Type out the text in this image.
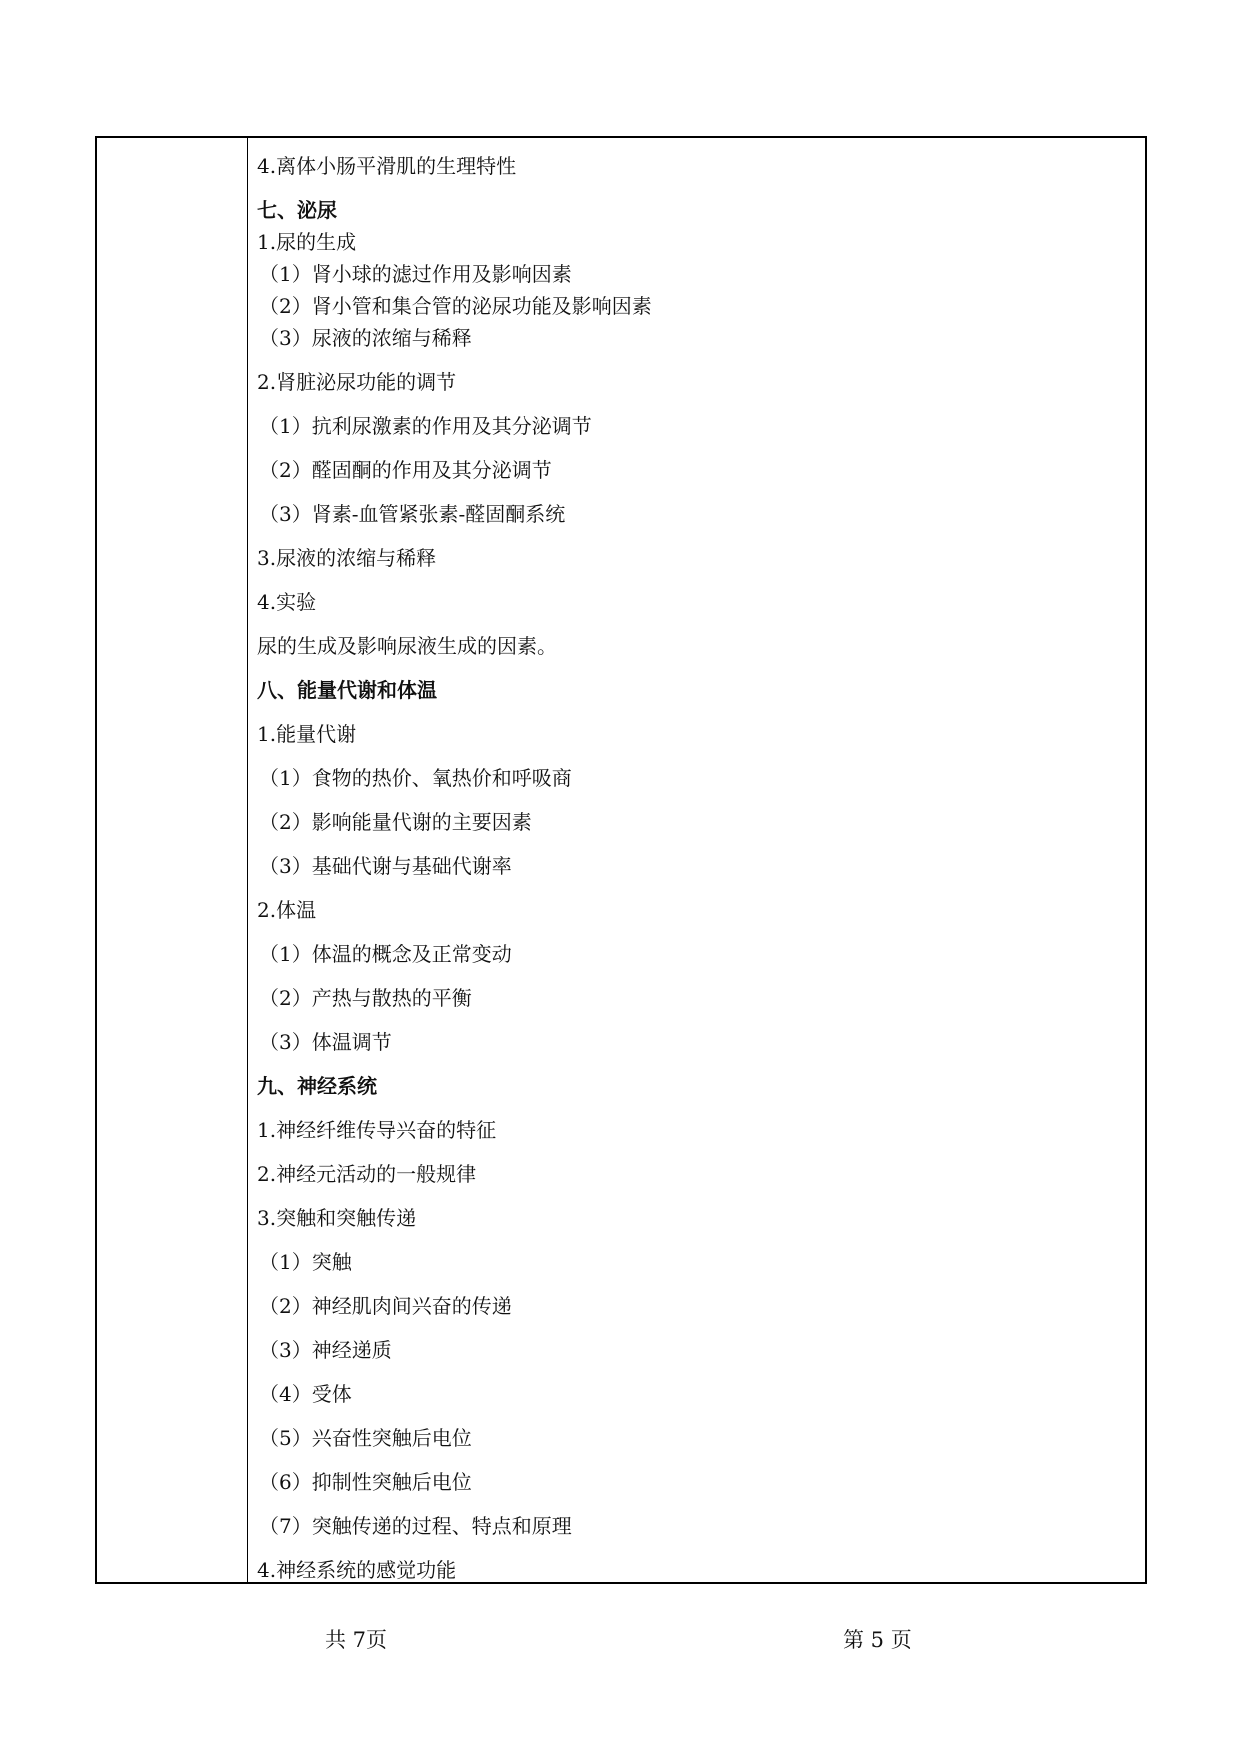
4.离体小肠平滑肌的生理特性
七、泌尿
1.尿的生成
（1）肾小球的滤过作用及影响因素
（2）肾小管和集合管的泌尿功能及影响因素
（3）尿液的浓缩与稀释
2.肾脏泌尿功能的调节
（1）抗利尿激素的作用及其分泌调节
（2）醛固酮的作用及其分泌调节
（3）肾素-血管紧张素-醛固酮系统
3.尿液的浓缩与稀释
4.实验
尿的生成及影响尿液生成的因素。
八、能量代谢和体温
1.能量代谢
（1）食物的热价、氧热价和呼吸商
（2）影响能量代谢的主要因素
（3）基础代谢与基础代谢率
2.体温
（1）体温的概念及正常变动
（2）产热与散热的平衡
（3）体温调节
九、神经系统
1.神经纤维传导兴奋的特征
2.神经元活动的一般规律
3.突触和突触传递
（1）突触
（2）神经肌肉间兴奋的传递
（3）神经递质
（4）受体
（5）兴奋性突触后电位
（6）抑制性突触后电位
（7）突触传递的过程、特点和原理
4.神经系统的感觉功能
共 7页	第 5 页
